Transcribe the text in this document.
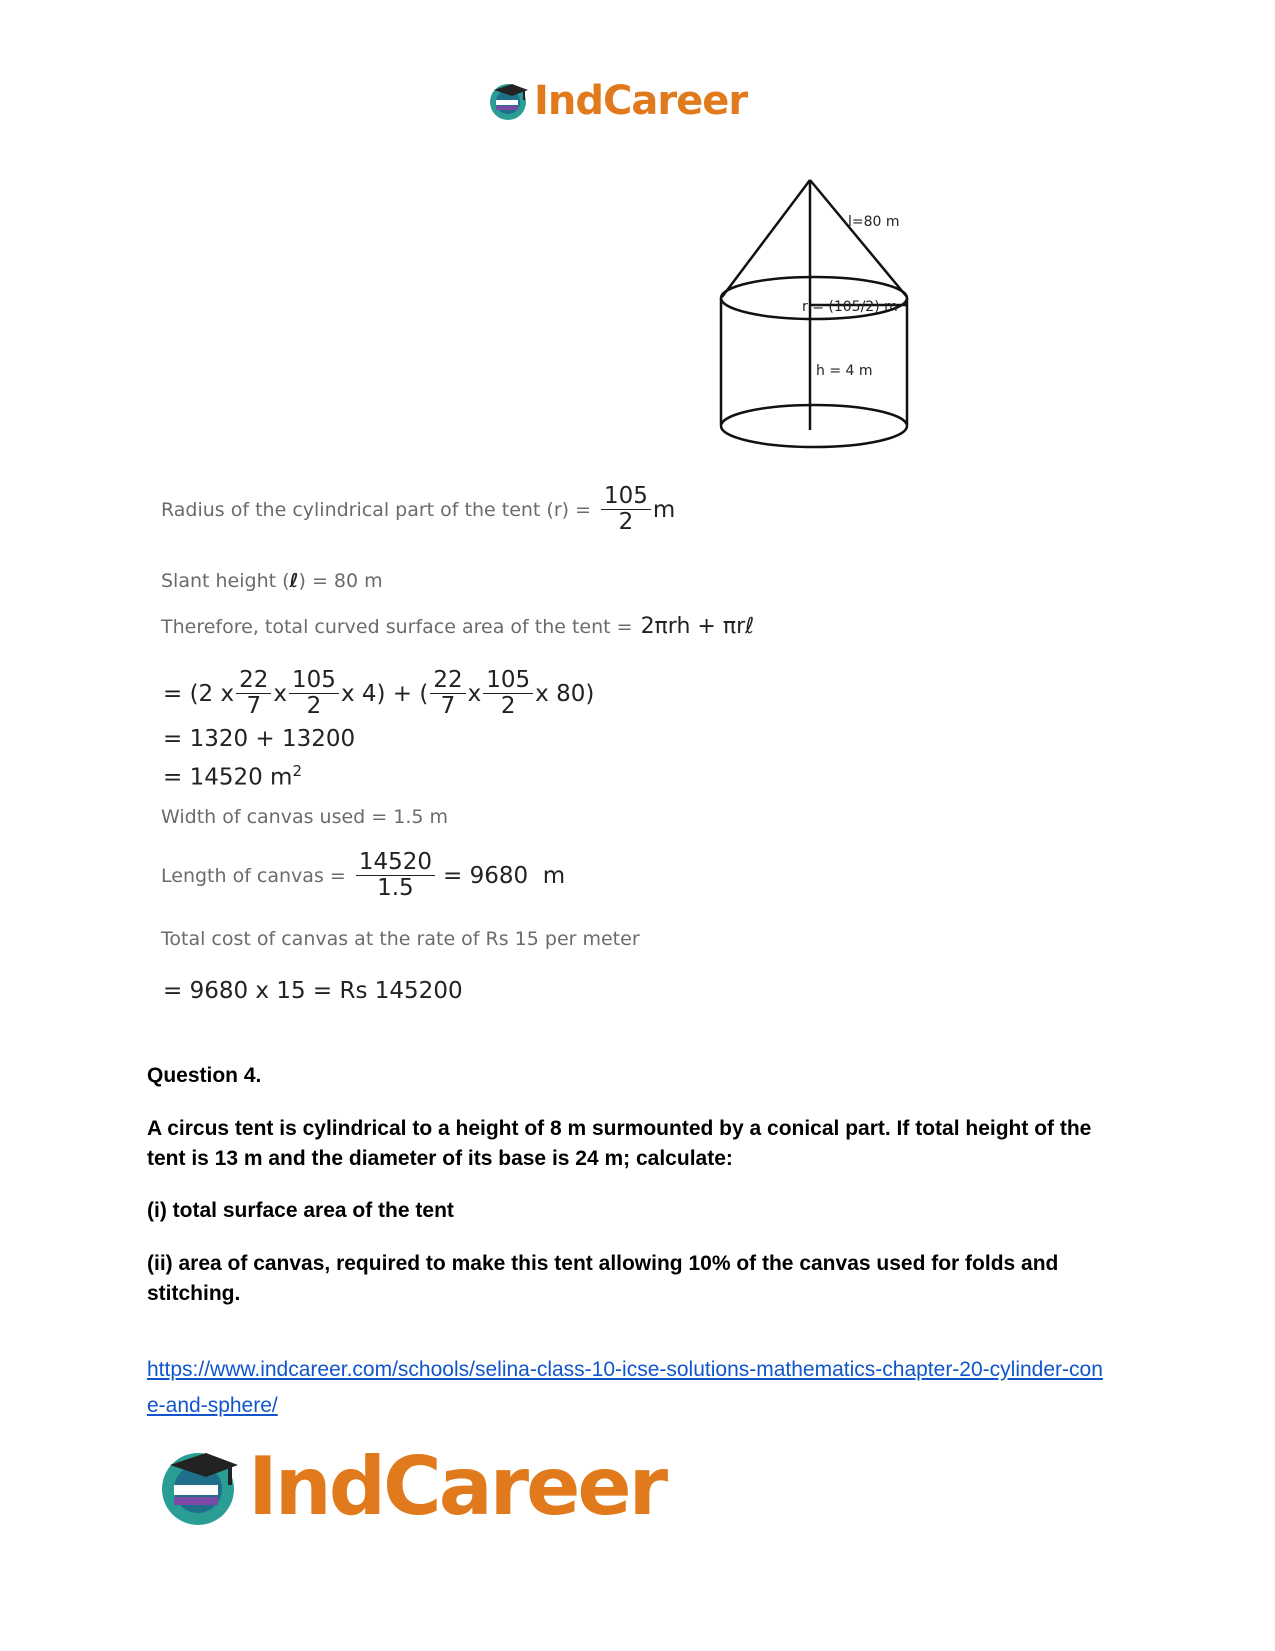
IndCareer
l=80 m
r = (105/2) m
h = 4 m
Radius of the cylindrical part of the tent $(r) = \frac{105}{2}$ m
Slant height (ℓ) = 80 m
Therefore, total curved surface area of the tent = 2πrh + πrℓ
= (2 x $\frac{22}{7}$ x $\frac{105}{2}$ x 4) + ( $\frac{22}{7}$ x $\frac{105}{2}$ x 80)
= 1320 + 13200
= 14520 $m^2$
Width of canvas used = 1.5 m
Length of canvas = $\frac{14520}{1.5} = 9680$  m
Total cost of canvas at the rate of Rs 15 per meter
= 9680 x 15 = Rs 145200
Question 4.
A circus tent is cylindrical to a height of 8 m surmounted by a conical part. If total height of the tent is 13 m and the diameter of its base is 24 m; calculate:
(i) total surface area of the tent
(ii) area of canvas, required to make this tent allowing 10% of the canvas used for folds and stitching.
https://www.indcareer.com/schools/selina-class-10-icse-solutions-mathematics-chapter-20-cylinder-cone-and-sphere/
IndCareer
